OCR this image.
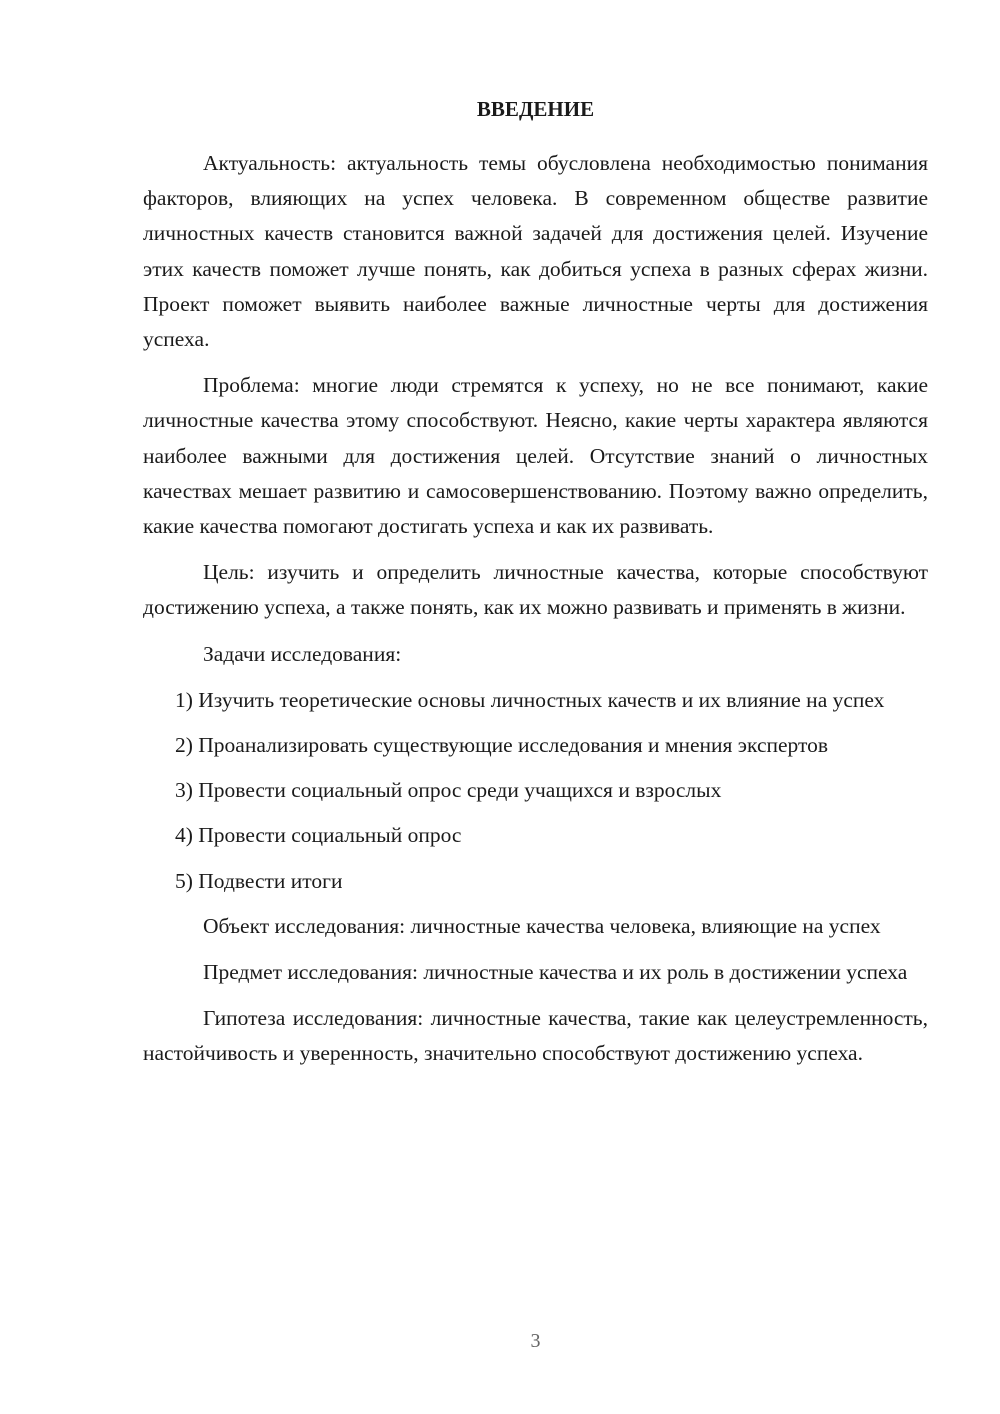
ВВЕДЕНИЕ

Актуальность: актуальность темы обусловлена необходимостью понимания факторов, влияющих на успех человека. В современном обществе развитие личностных качеств становится важной задачей для достижения целей. Изучение этих качеств поможет лучше понять, как добиться успеха в разных сферах жизни. Проект поможет выявить наиболее важные личностные черты для достижения успеха.

Проблема: многие люди стремятся к успеху, но не все понимают, какие личностные качества этому способствуют. Неясно, какие черты характера являются наиболее важными для достижения целей. Отсутствие знаний о личностных качествах мешает развитию и самосовершенствованию. Поэтому важно определить, какие качества помогают достигать успеха и как их развивать.

Цель: изучить и определить личностные качества, которые способствуют достижению успеха, а также понять, как их можно развивать и применять в жизни.

Задачи исследования:

1) Изучить теоретические основы личностных качеств и их влияние на успех

2) Проанализировать существующие исследования и мнения экспертов

3) Провести социальный опрос среди учащихся и взрослых

4) Провести социальный опрос

5) Подвести итоги

Объект исследования: личностные качества человека, влияющие на успех

Предмет исследования: личностные качества и их роль в достижении успеха

Гипотеза исследования: личностные качества, такие как целеустремленность, настойчивость и уверенность, значительно способствуют достижению успеха.

3
